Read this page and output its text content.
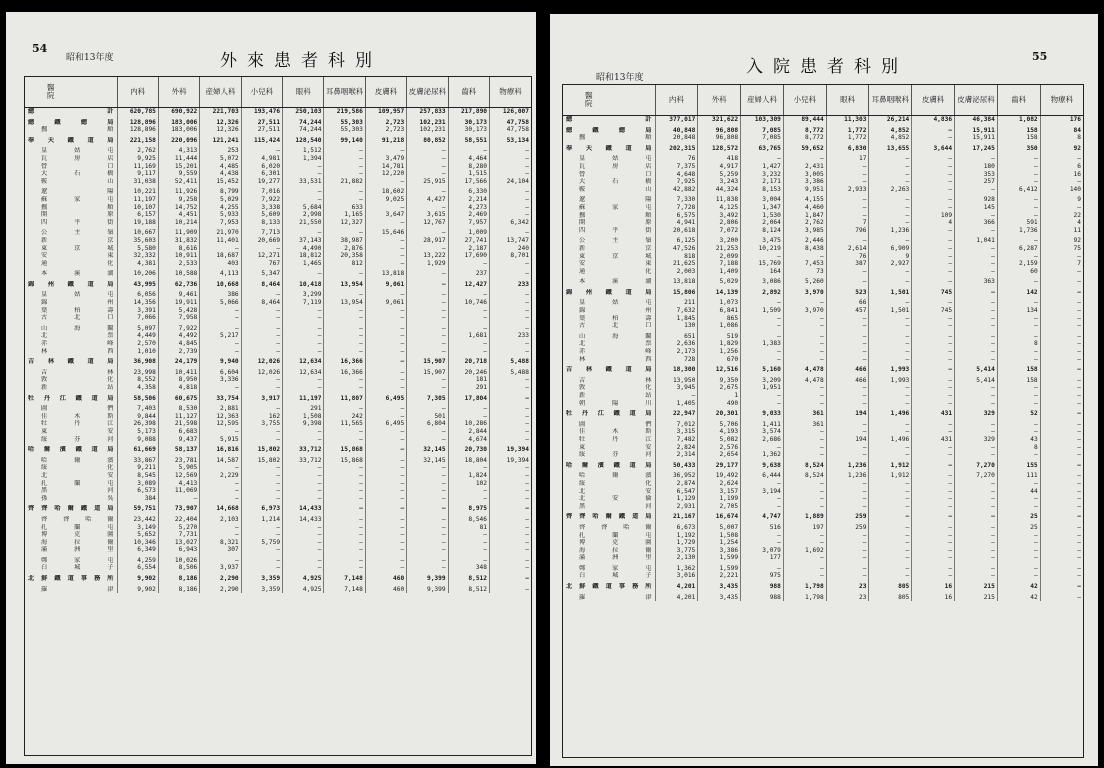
54
昭和13年度	外來患者科別
醫院	内科	外科	産婦人科	小兒科	眼科	耳鼻咽喉科	皮膚科	皮膚泌尿科	齒科	物療科
總計	620,785	690,922	221,703	193,476	250,103	219,586	109,957	257,833	217,890	126,007

總鐵總局	128,896	183,006	12,326	27,511	74,244	55,303	2,723	102,231	30,173	47,758
撫順	128,896	183,006	12,326	27,511	74,244	55,303	2,723	102,231	30,173	47,758

奉天鐵道局	221,158	220,096	121,241	115,424	128,540	99,140	91,218	80,852	58,551	53,134

皇姑屯	2,762	4,313	253	—	1,512	—	—	—	—	—
瓦房店	9,925	11,444	5,072	4,981	1,394	—	3,479	—	4,464	—
營口	11,169	15,201	4,485	6,020	—	—	14,781	—	8,280	—
大石橋	9,117	9,559	4,438	6,301	—	—	12,220	—	1,515	—
鞍山	31,038	52,411	15,452	19,277	33,531	21,882	—	25,915	17,566	24,104

遼陽	10,221	11,926	8,799	7,016	—	—	18,602	—	6,330	—
蘇家屯	11,197	9,258	5,029	7,922	—	—	9,025	4,427	2,214	—
撫順	10,107	14,752	4,255	3,338	5,684	633	—	—	4,273	—
開原	6,157	4,451	5,933	5,609	2,998	1,165	3,647	3,615	2,469	—
四平街	19,188	10,214	7,953	8,133	21,550	12,327	—	12,767	7,957	6,342

公主嶺	10,667	11,909	21,970	7,713	—	—	15,646	—	1,009	—
新京	35,603	31,832	11,401	20,669	37,143	38,987	—	28,917	27,741	13,747
東京城	5,580	8,616	—	—	4,490	2,876	—	—	2,187	240
安東	32,332	10,911	18,687	12,271	18,812	20,358	—	13,222	17,690	8,701
通化	4,381	2,533	403	767	1,465	812	—	1,929	—	—

本溪湖	10,206	10,588	4,113	5,347	—	—	13,818	—	237	—

錦州鐵道局	43,995	62,736	10,668	8,464	10,418	13,954	9,061	—	12,427	233

皇姑屯	6,056	9,461	386	—	3,299	—	—	—	—	—
錦州	14,356	19,911	5,066	8,464	7,119	13,954	9,061	—	10,746	—
葉柏壽	3,391	5,428	—	—	—	—	—	—	—	—
古北口	7,066	7,958	—	—	—	—	—	—	—	—

山海關	5,097	7,922	—	—	—	—	—	—	—	—
北票	4,449	4,492	5,217	—	—	—	—	—	1,681	233
赤峰	2,570	4,845	—	—	—	—	—	—	—	—
林西	1,010	2,739	—	—	—	—	—	—	—	—

吉林鐵道局	36,908	24,179	9,940	12,026	12,634	16,366	—	15,907	20,718	5,488

吉林	23,998	10,411	6,604	12,026	12,634	16,366	—	15,907	20,246	5,488
敦化	8,552	8,950	3,336	—	—	—	—	—	181	—
新站	4,358	4,818	—	—	—	—	—	—	291	—

牡丹江鐵道局	58,506	60,675	33,754	3,917	11,197	11,807	6,495	7,305	17,804	—

圖們	7,403	8,530	2,881	—	291	—	—	—	—	—
佳木斯	9,844	11,127	12,363	162	1,508	242	—	501	—	—
牡丹江	26,398	21,598	12,595	3,755	9,398	11,565	6,495	6,804	10,286	—
東安	5,173	6,683	—	—	—	—	—	—	2,844	—
綏芬河	9,088	9,437	5,915	—	—	—	—	—	4,674	—

哈爾濱鐵道局	61,669	58,137	16,816	15,802	33,712	15,868	—	32,145	20,730	19,394

哈爾濱	33,867	23,781	14,587	15,802	33,712	15,868	—	32,145	18,804	19,394
綏化	9,211	5,905	—	—	—	—	—	—	—	—
北安	8,545	12,569	2,229	—	—	—	—	—	1,824	—
扎蘭屯	3,089	4,413	—	—	—	—	—	—	102	—
黑河	6,573	11,069	—	—	—	—	—	—	—	—
孫吳	384	—	—	—	—	—	—	—	—	—

齊齊哈爾鐵道局	59,751	73,907	14,668	6,973	14,433	—	—	—	8,975	—

齊齊哈爾	23,442	22,404	2,103	1,214	14,433	—	—	—	8,546	—
扎蘭屯	3,149	5,270	—	—	—	—	—	—	81	—
博克圖	5,652	7,731	—	—	—	—	—	—	—	—
海拉爾	10,346	13,027	8,321	5,759	—	—	—	—	—	—
滿洲里	6,349	6,943	307	—	—	—	—	—	—	—

鄭家屯	4,259	10,026	—	—	—	—	—	—	—	—
白城子	6,554	8,506	3,937	—	—	—	—	—	348	—

北鮮鐵道事務所	9,902	8,186	2,290	3,359	4,925	7,148	460	9,399	8,512	—

羅津	9,902	8,186	2,290	3,359	4,925	7,148	460	9,399	8,512	—
55
昭和13年度
入院患者科別
醫院	内科	外科	産婦人科	小兒科	眼科	耳鼻咽喉科	皮膚科	皮膚泌尿科	齒科	物療科
總計	377,017	321,622	103,309	89,444	11,303	26,214	4,836	46,384	1,082	176

總鐵總局	40,848	96,808	7,085	8,772	1,772	4,852	—	15,911	158	84
撫順	20,848	96,808	7,085	8,772	1,772	4,852	—	15,911	158	8

奉天鐵道局	202,315	128,572	63,765	59,652	6,830	13,655	3,644	17,245	350	92

皇姑屯	76	418	—	—	17	—	—	—	—	—
瓦房店	7,375	4,917	1,427	2,431	—	—	—	180	—	6
營口	4,648	5,259	3,232	3,005	—	—	—	353	—	16
大石橋	7,925	3,243	2,171	3,386	—	—	—	257	—	—
鞍山	42,882	44,324	8,153	9,951	2,933	2,263	—	—	6,412	140

遼陽	7,330	11,838	3,004	4,155	—	—	—	928	—	9
蘇家屯	7,728	4,125	1,347	4,460	—	—	—	145	—	—
撫順	6,575	3,492	1,530	1,847	—	—	109	—	—	22
開原	4,941	2,806	2,064	2,762	7	—	4	366	591	4
四平街	20,618	7,072	8,124	3,985	796	1,236	—	—	1,736	11

公主嶺	6,125	3,200	3,475	2,446	—	—	—	1,041	—	92
新京	47,526	21,253	10,219	8,438	2,614	6,909	—	—	6,287	75
東京城	818	2,099	—	—	76	9	—	—	—	—
安東	21,625	7,188	15,769	7,453	387	2,927	—	—	2,159	7
通化	2,003	1,409	164	73	—	—	—	—	60	—

本溪湖	13,818	5,029	3,086	5,260	—	—	—	363	—	—

錦州鐵道局	15,806	14,139	2,892	3,970	523	1,501	745	—	142	—

皇姑屯	211	1,073	—	—	66	—	—	—	—	—
錦州	7,632	6,841	1,509	3,970	457	1,501	745	—	134	—
葉柏壽	1,845	865	—	—	—	—	—	—	—	—
古北口	130	1,086	—	—	—	—	—	—	—	—

山海關	651	519	—	—	—	—	—	—	—	—
北票	2,636	1,829	1,383	—	—	—	—	—	8	—
赤峰	2,173	1,256	—	—	—	—	—	—	—	—
林西	728	670	—	—	—	—	—	—	—	—

吉林鐵道局	18,300	12,516	5,160	4,478	466	1,993	—	5,414	158	—

吉林	13,950	9,350	3,209	4,478	466	1,993	—	5,414	158	—
敦化	3,945	2,675	1,951	—	—	—	—	—	—	—
新站	—	1	—	—	—	—	—	—	—	—
朝陽川	1,405	490	—	—	—	—	—	—	—	—

牡丹江鐵道局	22,947	20,301	9,033	361	194	1,496	431	329	52	—

圖們	7,012	5,706	1,411	361	—	—	—	—	—	—
佳木斯	3,315	4,193	3,574	—	—	—	—	—	—	—
牡丹江	7,482	5,082	2,686	—	194	1,496	431	329	43	—
東安	2,824	2,576	—	—	—	—	—	—	8	—
綏芬河	2,314	2,654	1,362	—	—	—	—	—	—	—

哈爾濱鐵道局	50,433	29,177	9,638	8,524	1,236	1,912	—	7,270	155	—

哈爾濱	36,952	19,492	6,444	8,524	1,236	1,912	—	7,270	111	—
綏化	2,874	2,624	—	—	—	—	—	—	—	—
北安	6,547	3,157	3,194	—	—	—	—	—	44	—
北安倫	1,129	1,199	—	—	—	—	—	—	—	—
黑河	2,931	2,705	—	—	—	—	—	—	—	—

齊齊哈爾鐵道局	21,167	16,674	4,747	1,889	259	—	—	—	25	—

齊齊哈爾	6,673	5,007	516	197	259	—	—	—	25	—
扎蘭屯	1,192	1,508	—	—	—	—	—	—	—	—
博克圖	1,729	1,254	—	—	—	—	—	—	—	—
海拉爾	3,775	3,386	3,079	1,692	—	—	—	—	—	—
滿洲里	2,130	1,599	177	—	—	—	—	—	—	—

鄭家屯	1,362	1,599	—	—	—	—	—	—	—	—
白城子	3,016	2,221	975	—	—	—	—	—	—	—

北鮮鐵道事務所	4,201	3,435	988	1,798	23	805	16	215	42	—

羅津	4,201	3,435	988	1,798	23	805	16	215	42	—
